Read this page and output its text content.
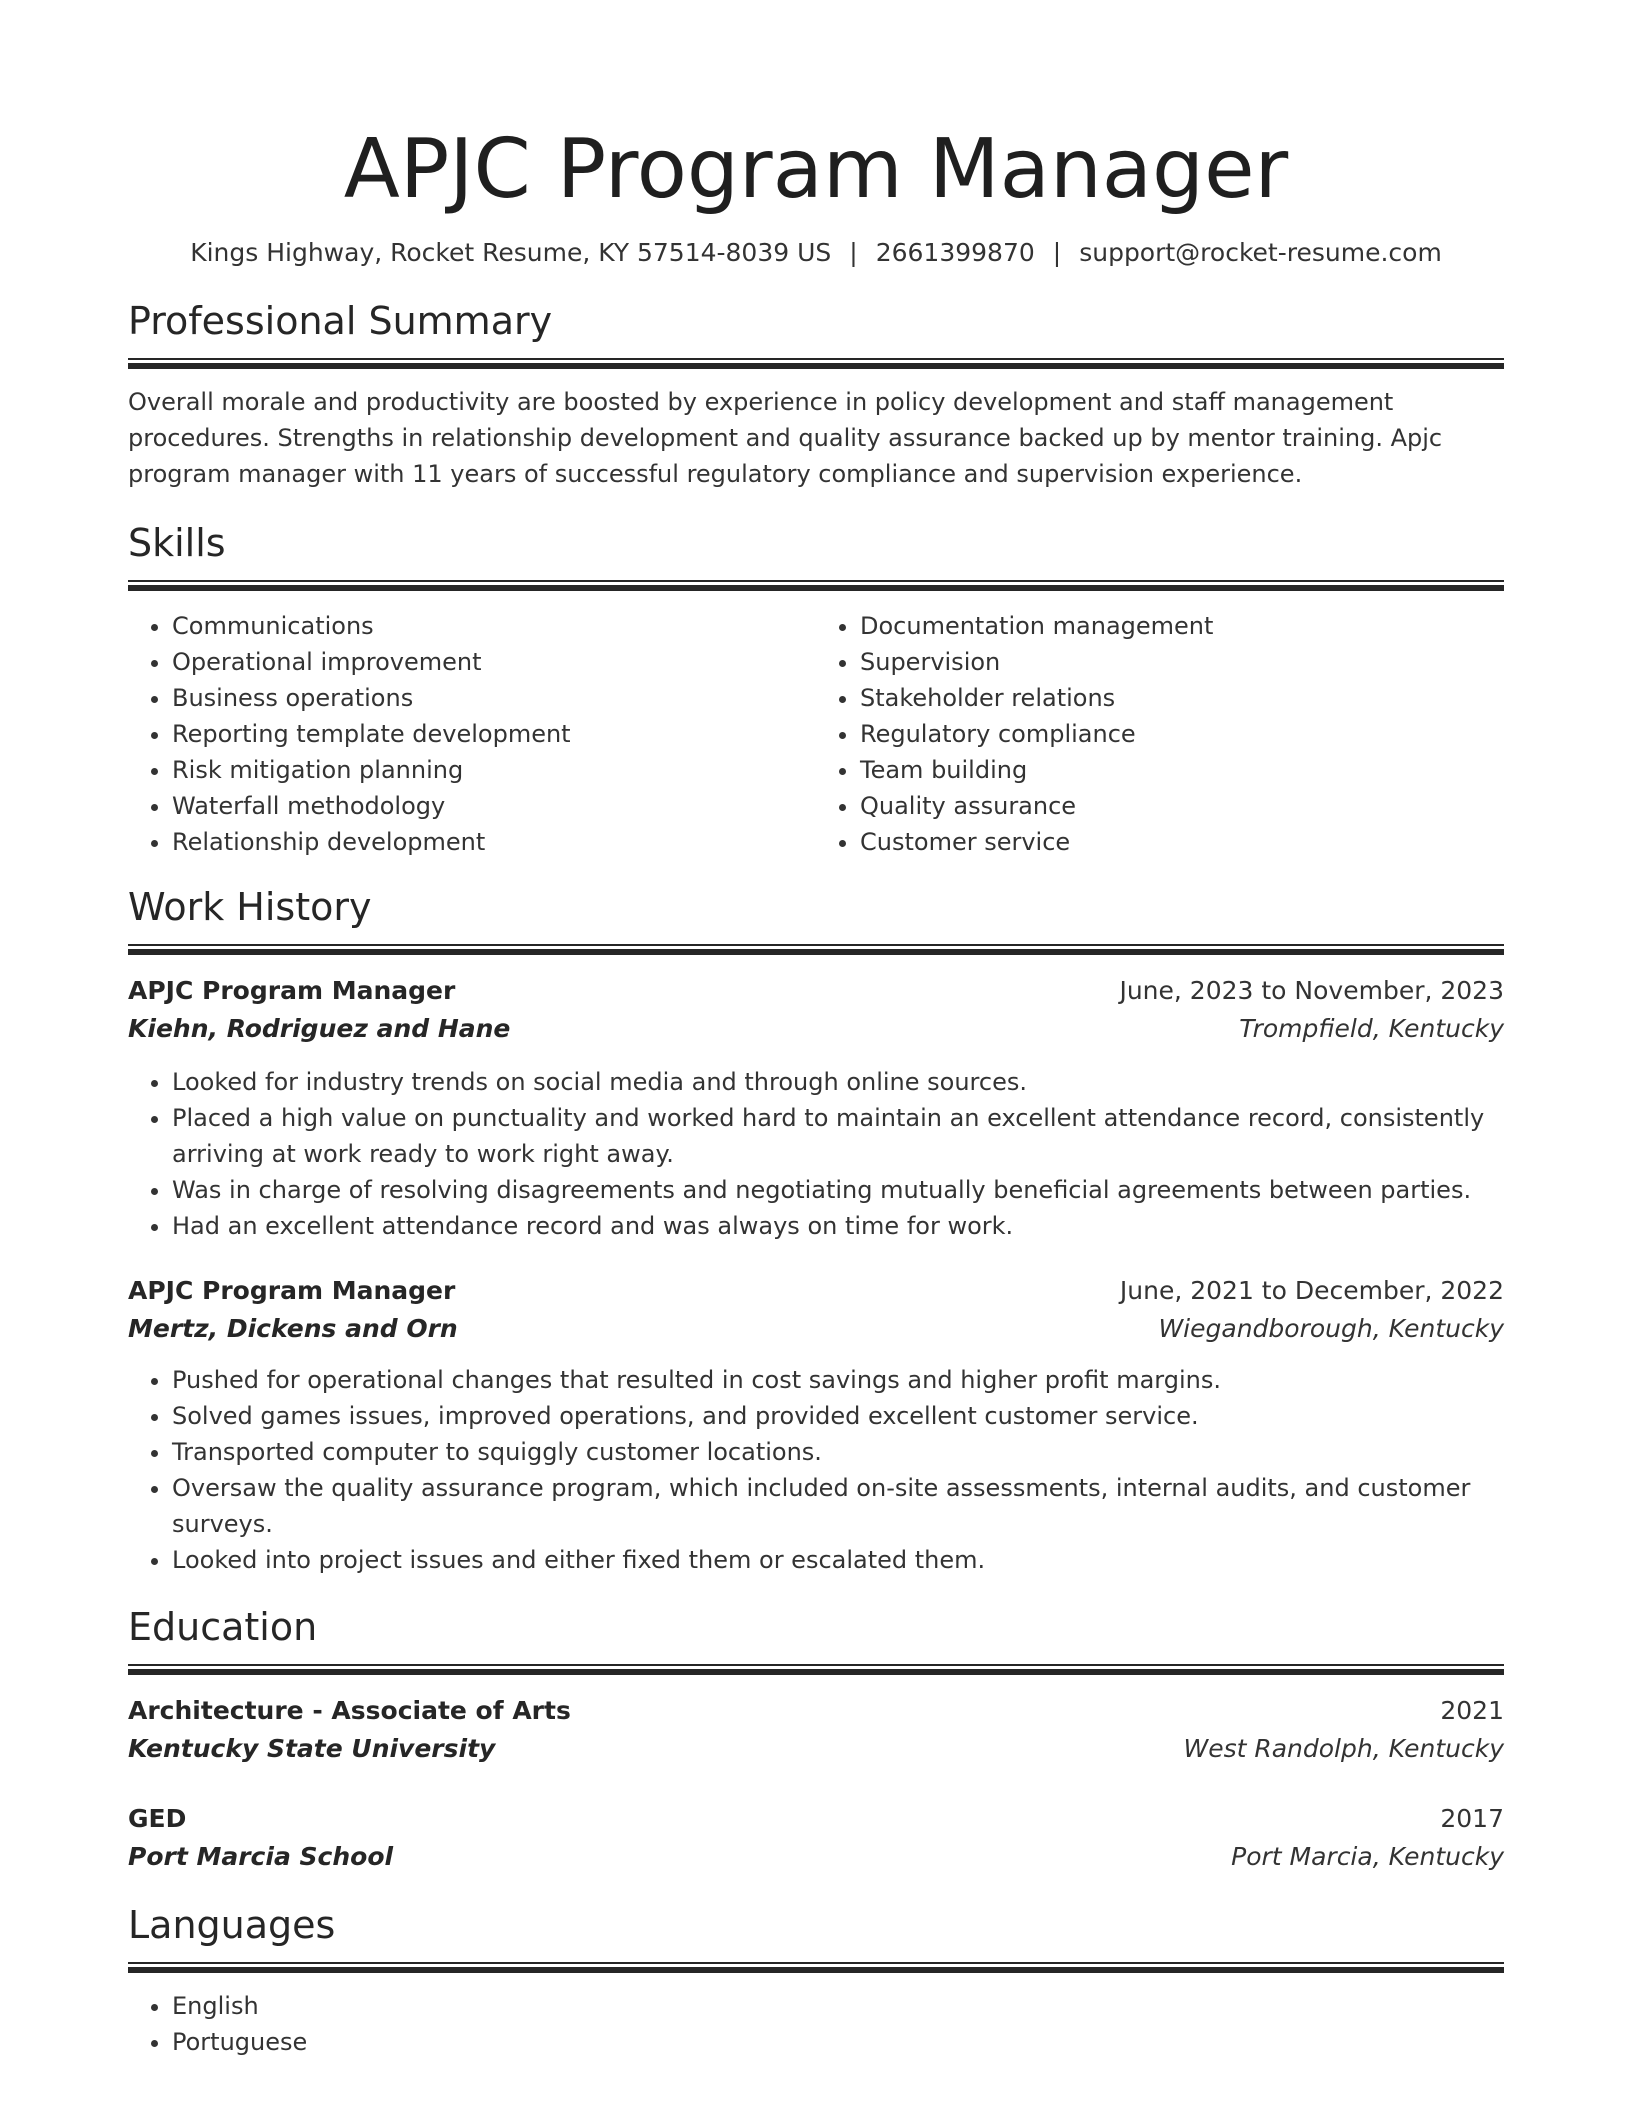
APJC Program Manager
Kings Highway, Rocket Resume, KY 57514-8039 US | 2661399870 | support@rocket-resume.com
Professional Summary
Overall morale and productivity are boosted by experience in policy development and staff management procedures. Strengths in relationship development and quality assurance backed up by mentor training. Apjc program manager with 11 years of successful regulatory compliance and supervision experience.
Skills
• Communications
• Operational improvement
• Business operations
• Reporting template development
• Risk mitigation planning
• Waterfall methodology
• Relationship development
• Documentation management
• Supervision
• Stakeholder relations
• Regulatory compliance
• Team building
• Quality assurance
• Customer service
Work History
APJC Program Manager	June, 2023 to November, 2023
Kiehn, Rodriguez and Hane	Trompfield, Kentucky
• Looked for industry trends on social media and through online sources.
• Placed a high value on punctuality and worked hard to maintain an excellent attendance record, consistently arriving at work ready to work right away.
• Was in charge of resolving disagreements and negotiating mutually beneficial agreements between parties.
• Had an excellent attendance record and was always on time for work.
APJC Program Manager	June, 2021 to December, 2022
Mertz, Dickens and Orn	Wiegandborough, Kentucky
• Pushed for operational changes that resulted in cost savings and higher profit margins.
• Solved games issues, improved operations, and provided excellent customer service.
• Transported computer to squiggly customer locations.
• Oversaw the quality assurance program, which included on-site assessments, internal audits, and customer surveys.
• Looked into project issues and either fixed them or escalated them.
Education
Architecture - Associate of Arts	2021
Kentucky State University	West Randolph, Kentucky
GED	2017
Port Marcia School	Port Marcia, Kentucky
Languages
• English
• Portuguese
